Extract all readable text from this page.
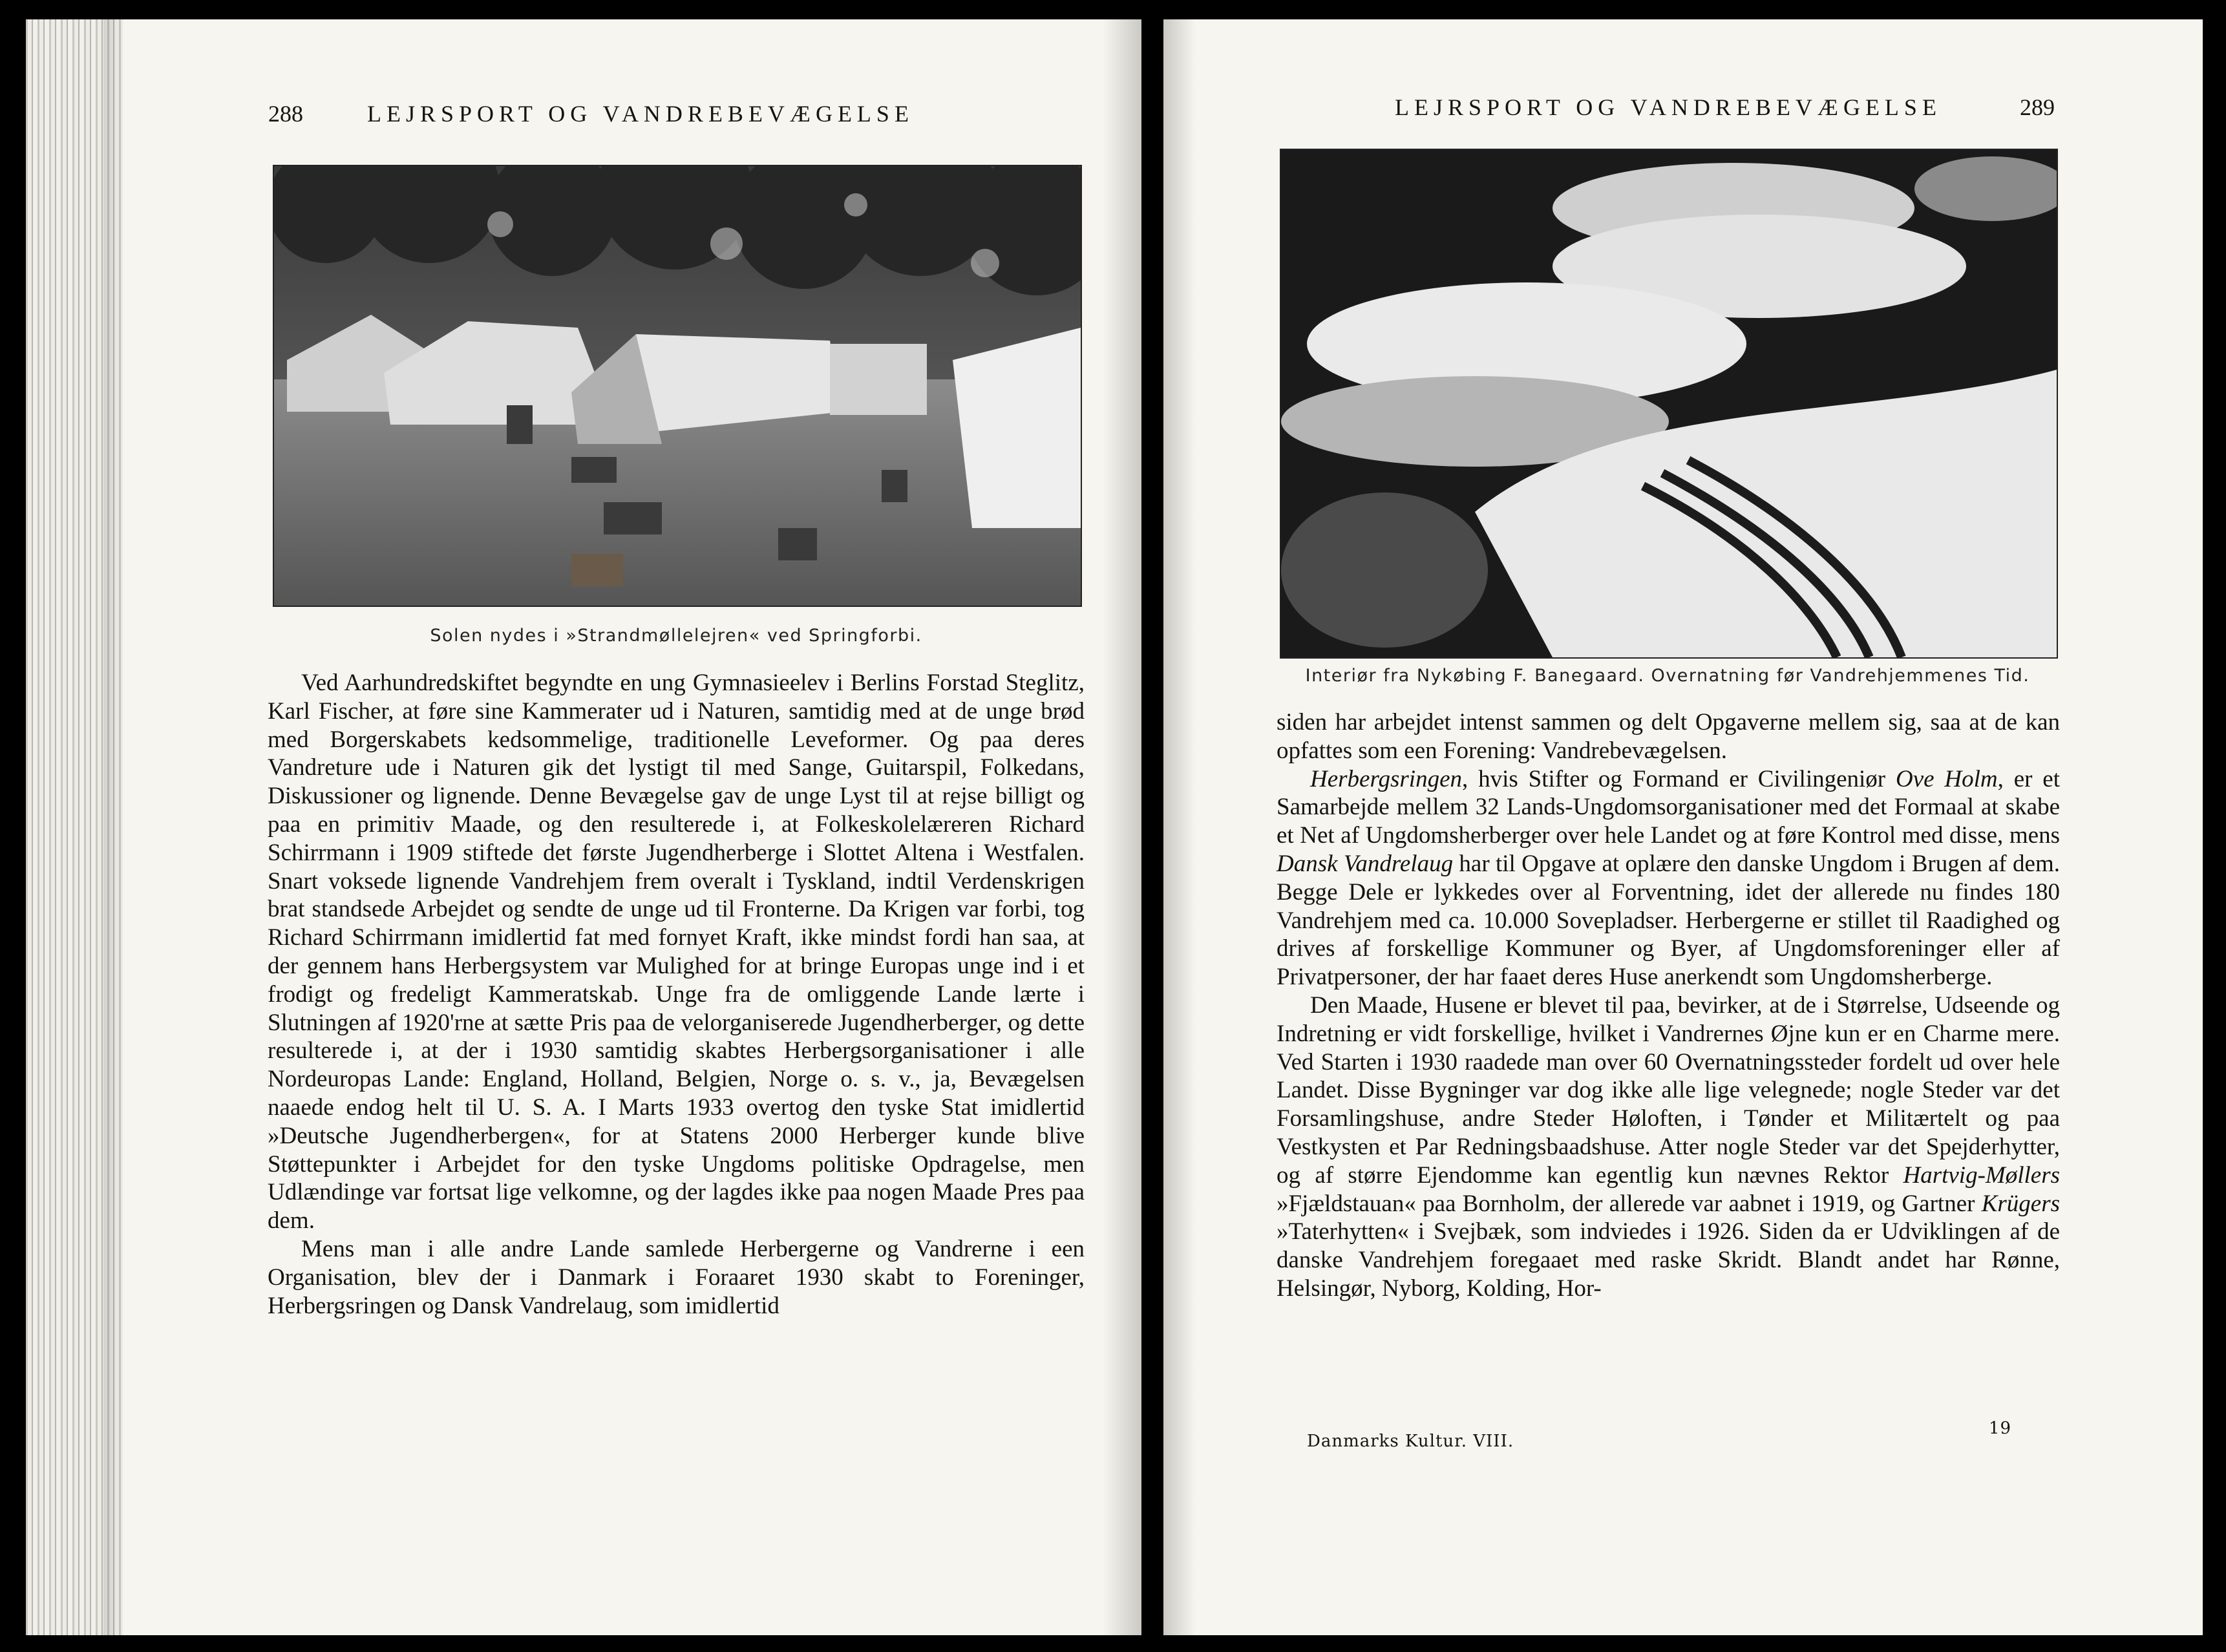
288	LEJRSPORT OG VANDREBEVÆGELSE
Solen nydes i »Strandmøllelejren« ved Springforbi.

Ved Aarhundredskiftet begyndte en ung Gymnasieelev i Berlins Forstad Steglitz, Karl Fischer, at føre sine Kammerater ud i Naturen, samtidig med at de unge brød med Borgerskabets kedsommelige, traditionelle Leveformer. Og paa deres Vandreture ude i Naturen gik det lystigt til med Sange, Guitarspil, Folkedans, Diskussioner og lignende. Denne Bevægelse gav de unge Lyst til at rejse billigt og paa en primitiv Maade, og den resulterede i, at Folkeskolelæreren Richard Schirrmann i 1909 stiftede det første Jugendherberge i Slottet Altena i Westfalen. Snart voksede lignende Vandrehjem frem overalt i Tyskland, indtil Verdenskrigen brat standsede Arbejdet og sendte de unge ud til Fronterne. Da Krigen var forbi, tog Richard Schirrmann imidlertid fat med fornyet Kraft, ikke mindst fordi han saa, at der gennem hans Herbergsystem var Mulighed for at bringe Europas unge ind i et frodigt og fredeligt Kammeratskab. Unge fra de omliggende Lande lærte i Slutningen af 1920'rne at sætte Pris paa de velorganiserede Jugendherberger, og dette resulterede i, at der i 1930 samtidig skabtes Herbergsorganisationer i alle Nordeuropas Lande: England, Holland, Belgien, Norge o. s. v., ja, Bevægelsen naaede endog helt til U. S. A. I Marts 1933 overtog den tyske Stat imidlertid »Deutsche Jugendherbergen«, for at Statens 2000 Herberger kunde blive Støttepunkter i Arbejdet for den tyske Ungdoms politiske Opdragelse, men Udlændinge var fortsat lige velkomne, og der lagdes ikke paa nogen Maade Pres paa dem.

Mens man i alle andre Lande samlede Herbergerne og Vandrerne i een Organisation, blev der i Danmark i Foraaret 1930 skabt to Foreninger, Herbergsringen og Dansk Vandrelaug, som imidlertid

LEJRSPORT OG VANDREBEVÆGELSE	289
Interiør fra Nykøbing F. Banegaard. Overnatning før Vandrehjemmenes Tid.

siden har arbejdet intenst sammen og delt Opgaverne mellem sig, saa at de kan opfattes som een Forening: Vandrebevægelsen.

Herbergsringen, hvis Stifter og Formand er Civilingeniør Ove Holm, er et Samarbejde mellem 32 Lands-Ungdomsorganisationer med det Formaal at skabe et Net af Ungdomsherberger over hele Landet og at føre Kontrol med disse, mens Dansk Vandrelaug har til Opgave at oplære den danske Ungdom i Brugen af dem. Begge Dele er lykkedes over al Forventning, idet der allerede nu findes 180 Vandrehjem med ca. 10.000 Sovepladser. Herbergerne er stillet til Raadighed og drives af forskellige Kommuner og Byer, af Ungdomsforeninger eller af Privatpersoner, der har faaet deres Huse anerkendt som Ungdomsherberge.

Den Maade, Husene er blevet til paa, bevirker, at de i Størrelse, Udseende og Indretning er vidt forskellige, hvilket i Vandrernes Øjne kun er en Charme mere. Ved Starten i 1930 raadede man over 60 Overnatningssteder fordelt ud over hele Landet. Disse Bygninger var dog ikke alle lige velegnede; nogle Steder var det Forsamlingshuse, andre Steder Høloften, i Tønder et Militærtelt og paa Vestkysten et Par Redningsbaadshuse. Atter nogle Steder var det Spejderhytter, og af større Ejendomme kan egentlig kun nævnes Rektor Hartvig-Møllers »Fjældstauan« paa Bornholm, der allerede var aabnet i 1919, og Gartner Krügers »Taterhytten« i Svejbæk, som indviedes i 1926. Siden da er Udviklingen af de danske Vandrehjem foregaaet med raske Skridt. Blandt andet har Rønne, Helsingør, Nyborg, Kolding, Hor-

Danmarks Kultur. VIII.
19
